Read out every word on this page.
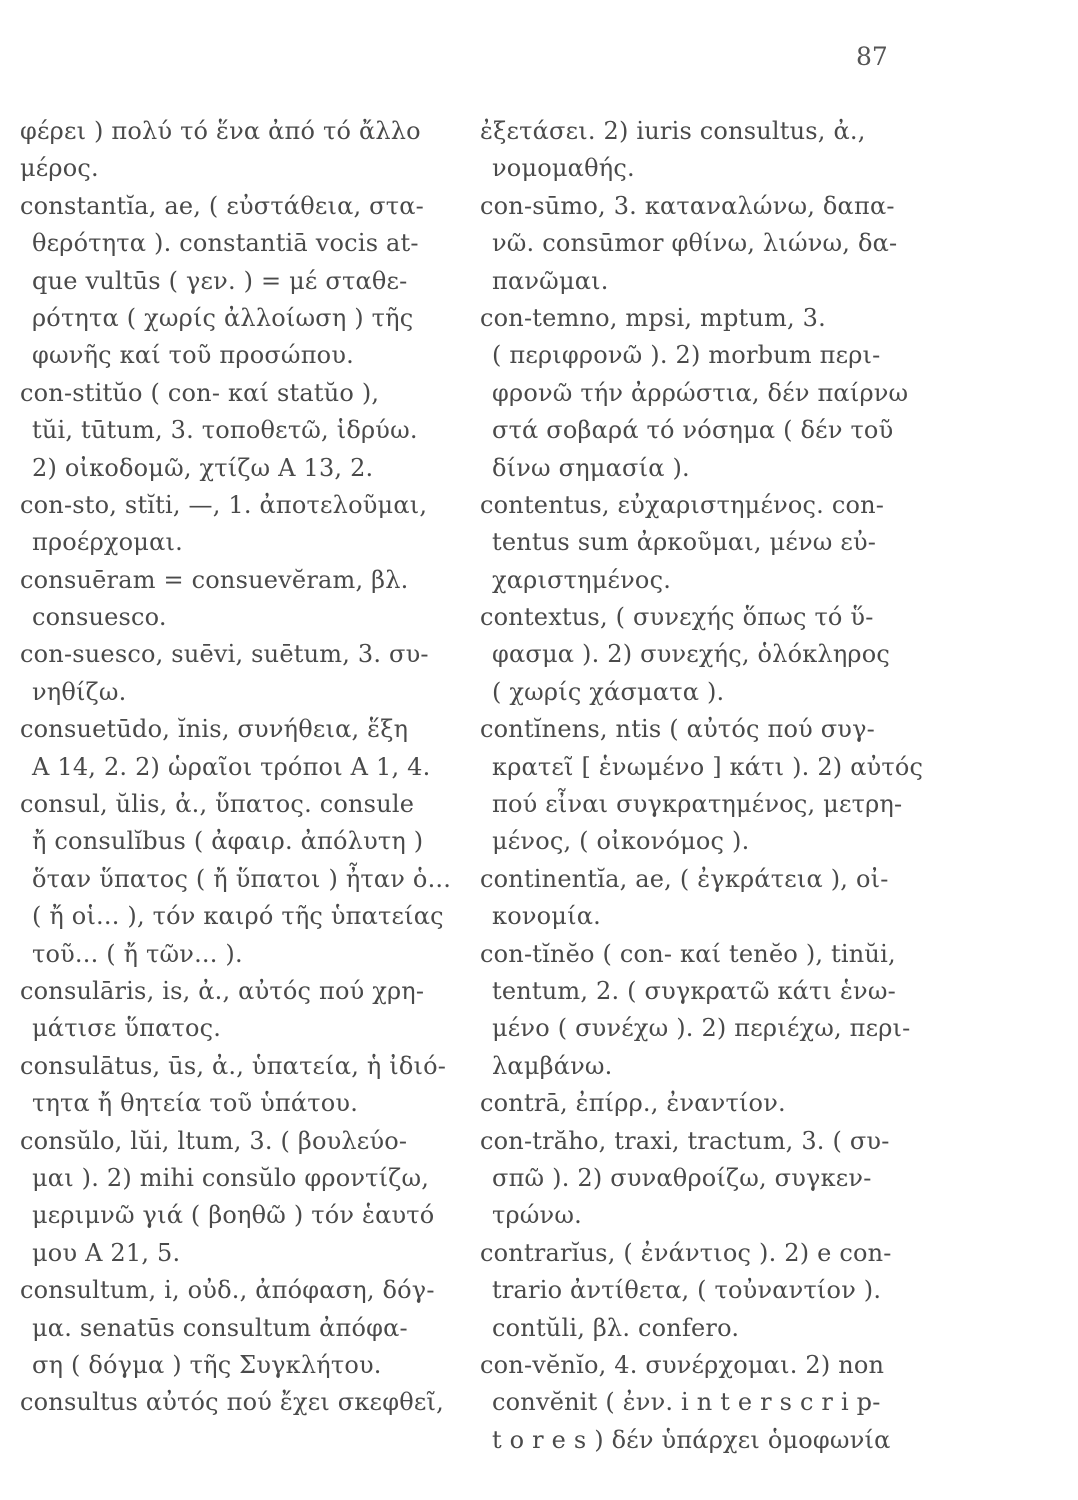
87
φέρει ) πολύ τό ἕνα ἀπό τό ἄλλο
μέρος.
constantĭa, ae, ( εὐστάθεια, στα-
θερότητα ). constantiā vocis at-
que vultūs ( γεν. ) = μέ σταθε-
ρότητα ( χωρίς ἀλλοίωση ) τῆς
φωνῆς καί τοῦ προσώπου.
con-stitŭo ( con- καί statŭo ),
tŭi, tūtum, 3. τοποθετῶ, ἱδρύω.
2) οἰκοδομῶ, χτίζω Α 13, 2.
con-sto, stĭti, —, 1. ἀποτελοῦμαι,
προέρχομαι.
consuēram = consuevĕram, βλ.
consuesco.
con-suesco, suēvi, suētum, 3. συ-
νηθίζω.
consuetūdo, ĭnis, συνήθεια, ἕξη
Α 14, 2. 2) ὡραῖοι τρόποι Α 1, 4.
consul, ŭlis, ἀ., ὕπατος. consule
ἤ consulĭbus ( ἀφαιρ. ἀπόλυτη )
ὅταν ὕπατος ( ἤ ὕπατοι ) ἦταν ὁ...
( ἤ οἱ... ), τόν καιρό τῆς ὑπατείας
τοῦ... ( ἤ τῶν... ).
consulāris, is, ἀ., αὐτός πού χρη-
μάτισε ὕπατος.
consulātus, ūs, ἀ., ὑπατεία, ἡ ἰδιό-
τητα ἤ θητεία τοῦ ὑπάτου.
consŭlo, lŭi, ltum, 3. ( βουλεύο-
μαι ). 2) mihi consŭlo φροντίζω,
μεριμνῶ γιά ( βοηθῶ ) τόν ἑαυτό
μου Α 21, 5.
consultum, i, οὐδ., ἀπόφαση, δόγ-
μα. senatūs consultum ἀπόφα-
ση ( δόγμα ) τῆς Συγκλήτου.
consultus αὐτός πού ἔχει σκεφθεῖ,
ἐξετάσει. 2) iuris consultus, ἀ.,
νομομαθής.
con-sūmo, 3. καταναλώνω, δαπα-
νῶ. consūmor φθίνω, λιώνω, δα-
πανῶμαι.
con-temno, mpsi, mptum, 3.
( περιφρονῶ ). 2) morbum περι-
φρονῶ τήν ἀρρώστια, δέν παίρνω
στά σοβαρά τό νόσημα ( δέν τοῦ
δίνω σημασία ).
contentus, εὐχαριστημένος. con-
tentus sum ἀρκοῦμαι, μένω εὐ-
χαριστημένος.
contextus, ( συνεχής ὅπως τό ὕ-
φασμα ). 2) συνεχής, ὁλόκληρος
( χωρίς χάσματα ).
contĭnens, ntis ( αὐτός πού συγ-
κρατεῖ [ ἑνωμένο ] κάτι ). 2) αὐτός
πού εἶναι συγκρατημένος, μετρη-
μένος, ( οἰκονόμος ).
continentĭa, ae, ( ἐγκράτεια ), οἰ-
κονομία.
con-tĭnĕo ( con- καί tenĕo ), tinŭi,
tentum, 2. ( συγκρατῶ κάτι ἑνω-
μένο ( συνέχω ). 2) περιέχω, περι-
λαμβάνω.
contrā, ἐπίρρ., ἐναντίον.
con-trăho, traxi, tractum, 3. ( συ-
σπῶ ). 2) συναθροίζω, συγκεν-
τρώνω.
contrarĭus, ( ἐνάντιος ). 2) e con-
trario ἀντίθετα, ( τοὐναντίον ).
contŭli, βλ. confero.
con-vĕnĭo, 4. συνέρχομαι. 2) non
convĕnit ( ἐνν. i n t e r s c r i p-
t o r e s ) δέν ὑπάρχει ὁμοφωνία
